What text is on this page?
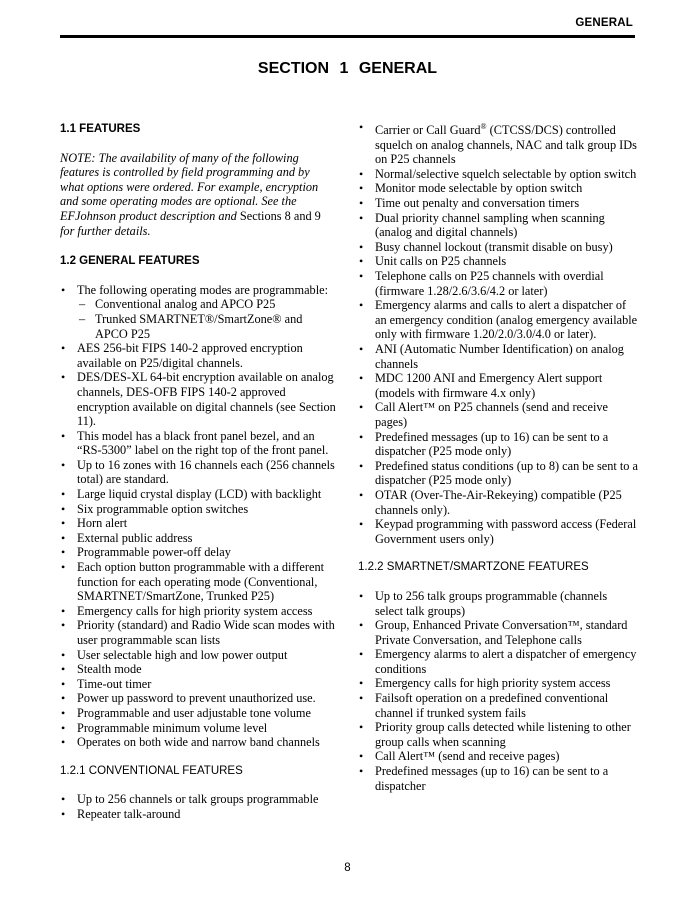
GENERAL
SECTION 1 GENERAL
1.1 FEATURES
NOTE: The availability of many of the following features is controlled by field programming and by what options were ordered. For example, encryption and some operating modes are optional. See the EFJohnson product description and Sections 8 and 9 for further details.
1.2 GENERAL FEATURES
• The following operating modes are programmable:
– Conventional analog and APCO P25
– Trunked SMARTNET®/SmartZone® and APCO P25
• AES 256-bit FIPS 140-2 approved encryption available on P25/digital channels.
• DES/DES-XL 64-bit encryption available on analog channels, DES-OFB FIPS 140-2 approved encryption available on digital channels (see Section 11).
• This model has a black front panel bezel, and an “RS-5300” label on the right top of the front panel.
• Up to 16 zones with 16 channels each (256 channels total) are standard.
• Large liquid crystal display (LCD) with backlight
• Six programmable option switches
• Horn alert
• External public address
• Programmable power-off delay
• Each option button programmable with a different function for each operating mode (Conventional, SMARTNET/SmartZone, Trunked P25)
• Emergency calls for high priority system access
• Priority (standard) and Radio Wide scan modes with user programmable scan lists
• User selectable high and low power output
• Stealth mode
• Time-out timer
• Power up password to prevent unauthorized use.
• Programmable and user adjustable tone volume
• Programmable minimum volume level
• Operates on both wide and narrow band channels
1.2.1 CONVENTIONAL FEATURES
• Up to 256 channels or talk groups programmable
• Repeater talk-around
• Carrier or Call Guard® (CTCSS/DCS) controlled squelch on analog channels, NAC and talk group IDs on P25 channels
• Normal/selective squelch selectable by option switch
• Monitor mode selectable by option switch
• Time out penalty and conversation timers
• Dual priority channel sampling when scanning (analog and digital channels)
• Busy channel lockout (transmit disable on busy)
• Unit calls on P25 channels
• Telephone calls on P25 channels with overdial (firmware 1.28/2.6/3.6/4.2 or later)
• Emergency alarms and calls to alert a dispatcher of an emergency condition (analog emergency available only with firmware 1.20/2.0/3.0/4.0 or later).
• ANI (Automatic Number Identification) on analog channels
• MDC 1200 ANI and Emergency Alert support (models with firmware 4.x only)
• Call Alert™ on P25 channels (send and receive pages)
• Predefined messages (up to 16) can be sent to a dispatcher (P25 mode only)
• Predefined status conditions (up to 8) can be sent to a dispatcher (P25 mode only)
• OTAR (Over-The-Air-Rekeying) compatible (P25 channels only).
• Keypad programming with password access (Federal Government users only)
1.2.2 SMARTNET/SMARTZONE FEATURES
• Up to 256 talk groups programmable (channels select talk groups)
• Group, Enhanced Private Conversation™, standard Private Conversation, and Telephone calls
• Emergency alarms to alert a dispatcher of emergency conditions
• Emergency calls for high priority system access
• Failsoft operation on a predefined conventional channel if trunked system fails
• Priority group calls detected while listening to other group calls when scanning
• Call Alert™ (send and receive pages)
• Predefined messages (up to 16) can be sent to a dispatcher
8
